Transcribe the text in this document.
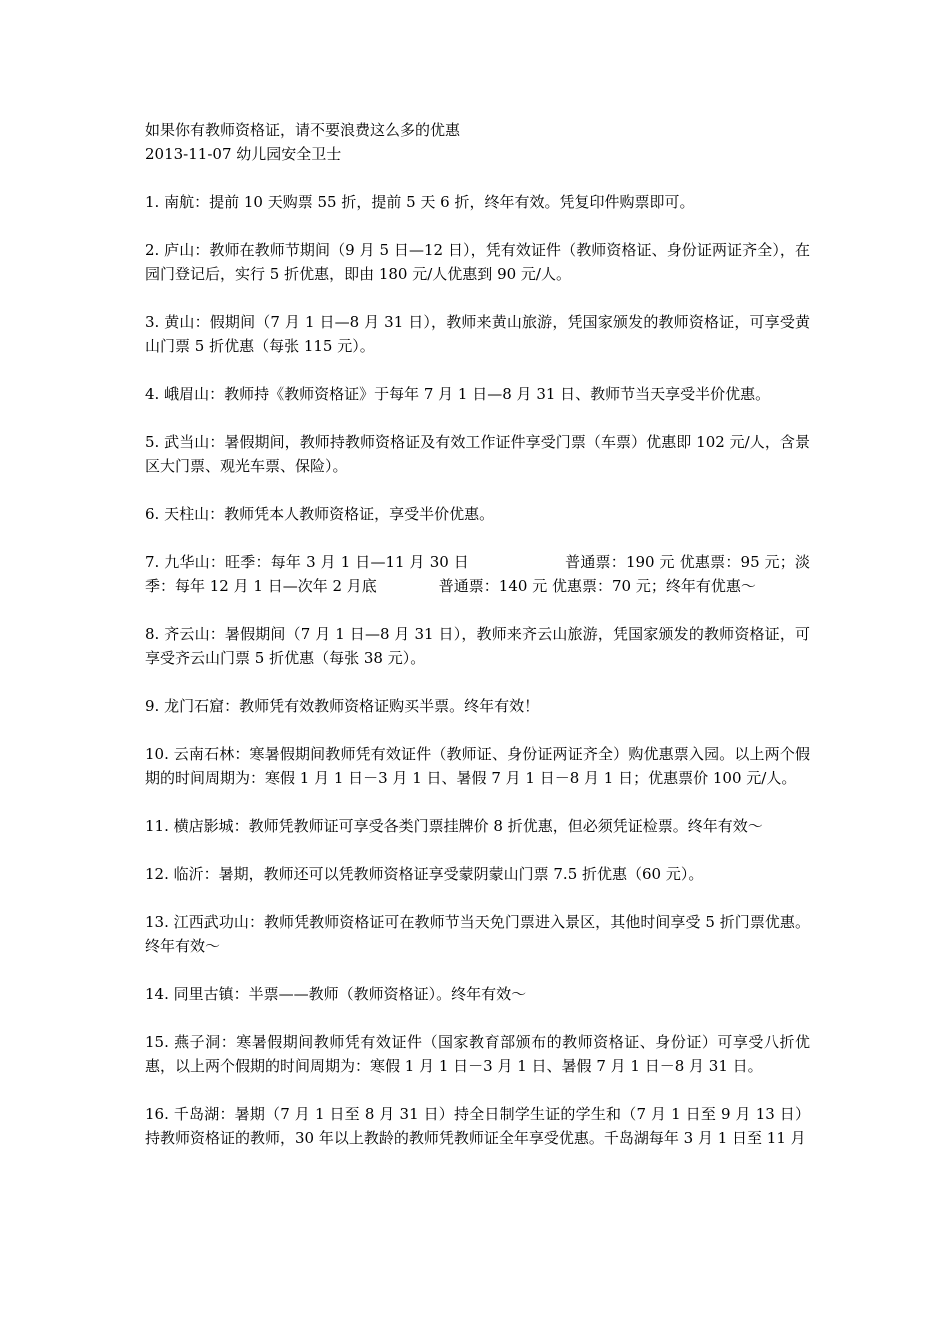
如果你有教师资格证，请不要浪费这么多的优惠

2013-11-07 幼儿园安全卫士

1. 南航：提前 10 天购票 55 折，提前 5 天 6 折，终年有效。凭复印件购票即可。

2. 庐山：教师在教师节期间（9 月 5 日—12 日），凭有效证件（教师资格证、身份证两证齐全），在园门登记后，实行 5 折优惠，即由 180 元/人优惠到 90 元/人。

3. 黄山：假期间（7 月 1 日—8 月 31 日），教师来黄山旅游，凭国家颁发的教师资格证，可享受黄山门票 5 折优惠（每张 115 元）。

4. 峨眉山：教师持《教师资格证》于每年 7 月 1 日—8 月 31 日、教师节当天享受半价优惠。

5. 武当山：暑假期间，教师持教师资格证及有效工作证件享受门票（车票）优惠即 102 元/人，含景区大门票、观光车票、保险）。

6. 天柱山：教师凭本人教师资格证，享受半价优惠。

7. 九华山：旺季：每年 3 月 1 日—11 月 30 日	普通票：190 元 优惠票：95 元；淡季：每年 12 月 1 日—次年 2 月底	普通票：140 元 优惠票：70 元；终年有优惠～

8. 齐云山：暑假期间（7 月 1 日—8 月 31 日），教师来齐云山旅游，凭国家颁发的教师资格证，可享受齐云山门票 5 折优惠（每张 38 元）。

9. 龙门石窟：教师凭有效教师资格证购买半票。终年有效！

10. 云南石林：寒暑假期间教师凭有效证件（教师证、身份证两证齐全）购优惠票入园。以上两个假期的时间周期为：寒假 1 月 1 日－3 月 1 日、暑假 7 月 1 日－8 月 1 日；优惠票价 100 元/人。

11. 横店影城：教师凭教师证可享受各类门票挂牌价 8 折优惠，但必须凭证检票。终年有效～

12. 临沂：暑期，教师还可以凭教师资格证享受蒙阴蒙山门票 7.5 折优惠（60 元）。

13. 江西武功山：教师凭教师资格证可在教师节当天免门票进入景区，其他时间享受 5 折门票优惠。终年有效～

14. 同里古镇：半票——教师（教师资格证）。终年有效～

15. 燕子洞：寒暑假期间教师凭有效证件（国家教育部颁布的教师资格证、身份证）可享受八折优惠，以上两个假期的时间周期为：寒假 1 月 1 日－3 月 1 日、暑假 7 月 1 日－8 月 31 日。

16. 千岛湖：暑期（7 月 1 日至 8 月 31 日）持全日制学生证的学生和（7 月 1 日至 9 月 13 日）持教师资格证的教师，30 年以上教龄的教师凭教师证全年享受优惠。千岛湖每年 3 月 1 日至 11 月
